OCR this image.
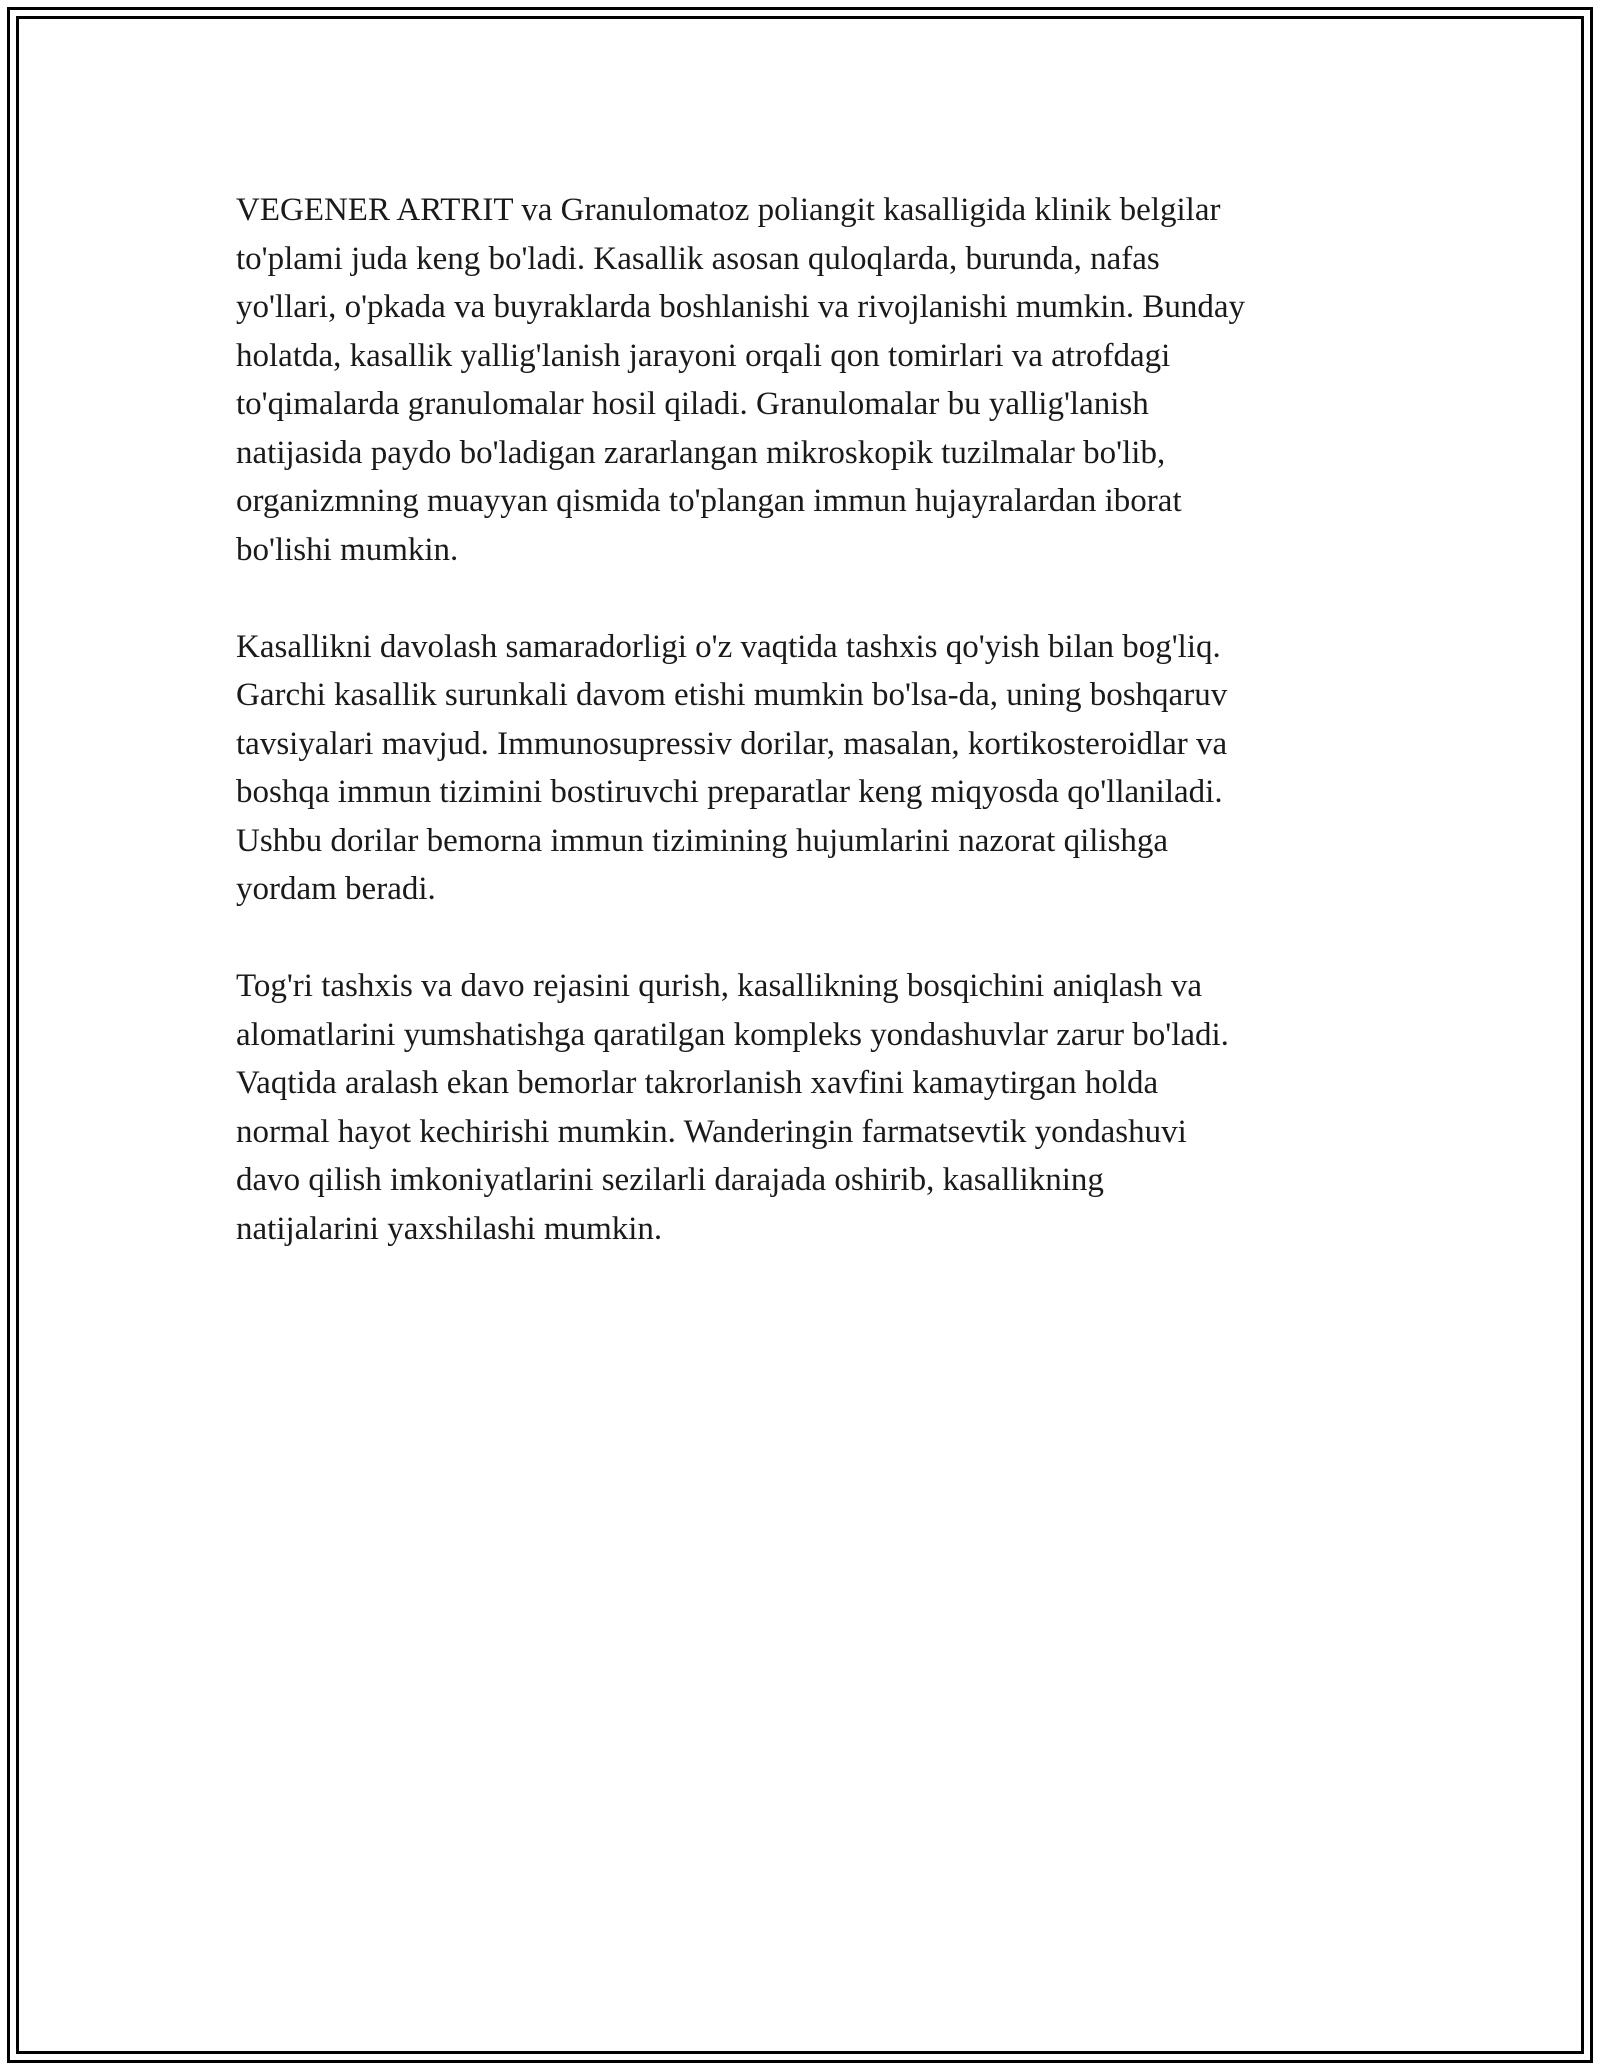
VEGENER ARTRIT va Granulomatoz poliangit kasalligida klinik belgilar
to'plami juda keng bo'ladi. Kasallik asosan quloqlarda, burunda, nafas
yo'llari, o'pkada va buyraklarda boshlanishi va rivojlanishi mumkin. Bunday
holatda, kasallik yallig'lanish jarayoni orqali qon tomirlari va atrofdagi
to'qimalarda granulomalar hosil qiladi. Granulomalar bu yallig'lanish
natijasida paydo bo'ladigan zararlangan mikroskopik tuzilmalar bo'lib,
organizmning muayyan qismida to'plangan immun hujayralardan iborat
bo'lishi mumkin.

Kasallikni davolash samaradorligi o'z vaqtida tashxis qo'yish bilan bog'liq.
Garchi kasallik surunkali davom etishi mumkin bo'lsa-da, uning boshqaruv
tavsiyalari mavjud. Immunosupressiv dorilar, masalan, kortikosteroidlar va
boshqa immun tizimini bostiruvchi preparatlar keng miqyosda qo'llaniladi.
Ushbu dorilar bemorna immun tizimining hujumlarini nazorat qilishga
yordam beradi.

Tog'ri tashxis va davo rejasini qurish, kasallikning bosqichini aniqlash va
alomatlarini yumshatishga qaratilgan kompleks yondashuvlar zarur bo'ladi.
Vaqtida aralash ekan bemorlar takrorlanish xavfini kamaytirgan holda
normal hayot kechirishi mumkin. Wanderingin farmatsevtik yondashuvi
davo qilish imkoniyatlarini sezilarli darajada oshirib, kasallikning
natijalarini yaxshilashi mumkin.
